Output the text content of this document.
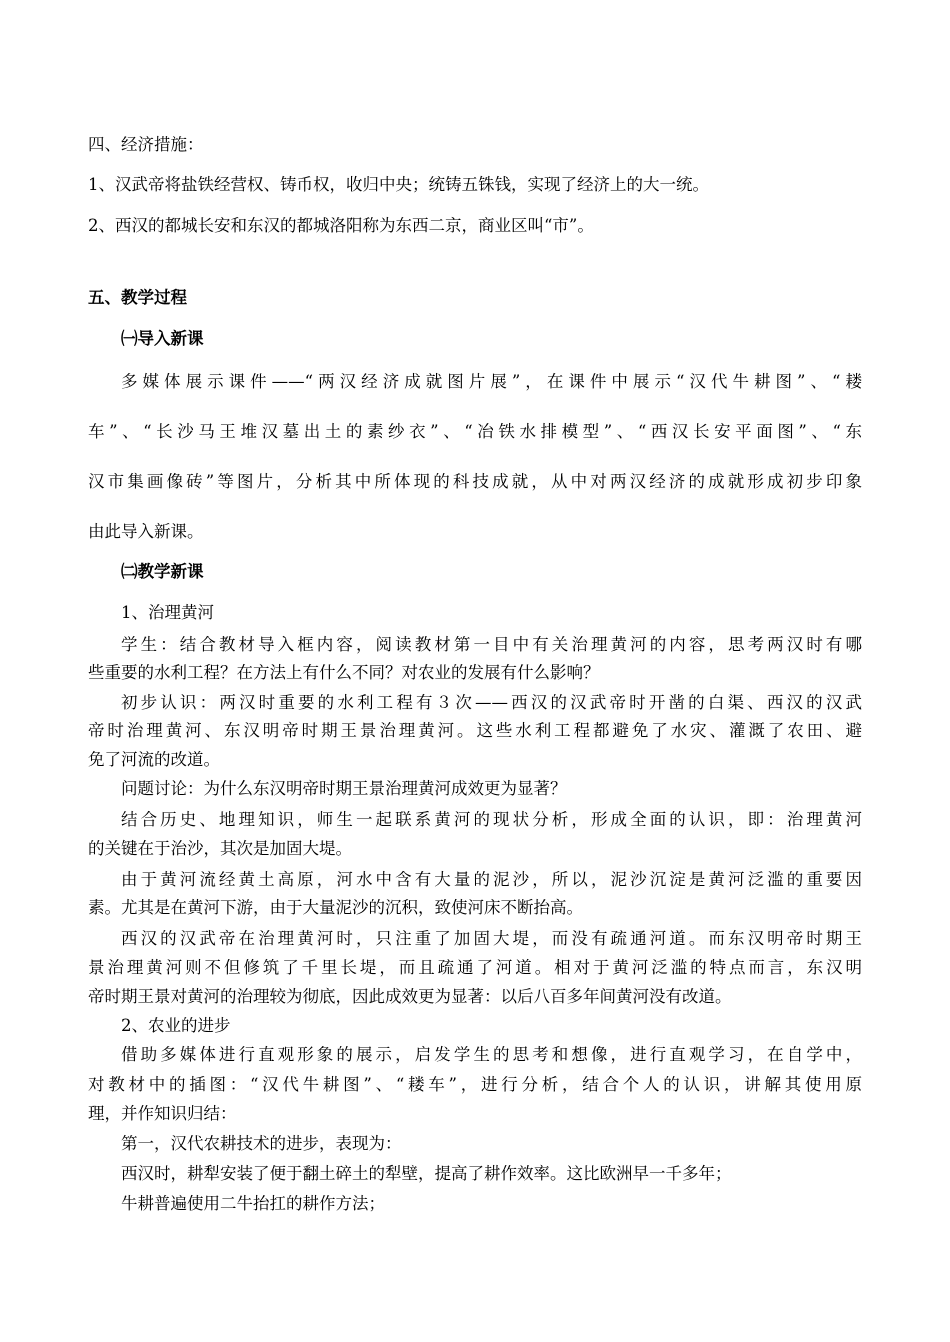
四、经济措施：
1、汉武帝将盐铁经营权、铸币权，收归中央；统铸五铢钱，实现了经济上的大一统。
2、西汉的都城长安和东汉的都城洛阳称为东西二京，商业区叫“市”。
五、教学过程
㈠导入新课
多媒体展示课件——“两汉经济成就图片展”，在课件中展示“汉代牛耕图”、“耧
车”、“长沙马王堆汉墓出土的素纱衣”、“冶铁水排模型”、“西汉长安平面图”、“东
汉市集画像砖”等图片，分析其中所体现的科技成就，从中对两汉经济的成就形成初步印象
由此导入新课。
㈡教学新课
1、治理黄河
学生：结合教材导入框内容，阅读教材第一目中有关治理黄河的内容，思考两汉时有哪
些重要的水利工程？在方法上有什么不同？对农业的发展有什么影响？
初步认识：两汉时重要的水利工程有３次——西汉的汉武帝时开凿的白渠、西汉的汉武
帝时治理黄河、东汉明帝时期王景治理黄河。这些水利工程都避免了水灾、灌溉了农田、避
免了河流的改道。
问题讨论：为什么东汉明帝时期王景治理黄河成效更为显著？
结合历史、地理知识，师生一起联系黄河的现状分析，形成全面的认识，即：治理黄河
的关键在于治沙，其次是加固大堤。
由于黄河流经黄土高原，河水中含有大量的泥沙，所以，泥沙沉淀是黄河泛滥的重要因
素。尤其是在黄河下游，由于大量泥沙的沉积，致使河床不断抬高。
西汉的汉武帝在治理黄河时，只注重了加固大堤，而没有疏通河道。而东汉明帝时期王
景治理黄河则不但修筑了千里长堤，而且疏通了河道。相对于黄河泛滥的特点而言，东汉明
帝时期王景对黄河的治理较为彻底，因此成效更为显著：以后八百多年间黄河没有改道。
2、农业的进步
借助多媒体进行直观形象的展示，启发学生的思考和想像，进行直观学习，在自学中，
对教材中的插图：“汉代牛耕图”、“耧车”，进行分析，结合个人的认识，讲解其使用原
理，并作知识归结：
第一，汉代农耕技术的进步，表现为：
西汉时，耕犁安装了便于翻土碎土的犁壁，提高了耕作效率。这比欧洲早一千多年；
牛耕普遍使用二牛抬扛的耕作方法；
